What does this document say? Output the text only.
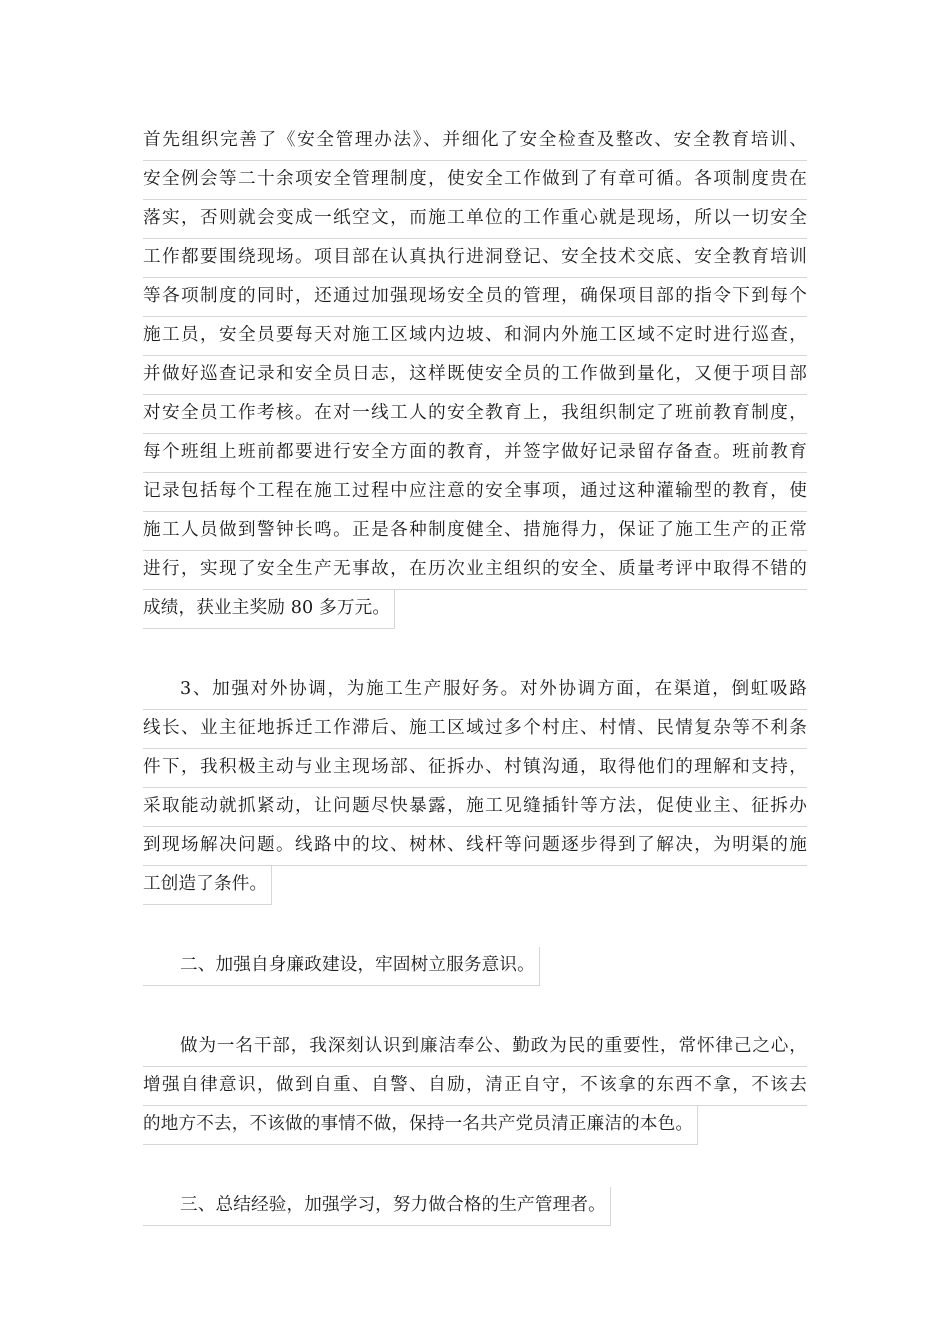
首先组织完善了《安全管理办法》、并细化了安全检查及整改、安全教育培训、
安全例会等二十余项安全管理制度，使安全工作做到了有章可循。各项制度贵在
落实，否则就会变成一纸空文，而施工单位的工作重心就是现场，所以一切安全
工作都要围绕现场。项目部在认真执行进洞登记、安全技术交底、安全教育培训
等各项制度的同时，还通过加强现场安全员的管理，确保项目部的指令下到每个
施工员，安全员要每天对施工区域内边坡、和洞内外施工区域不定时进行巡查，
并做好巡查记录和安全员日志，这样既使安全员的工作做到量化，又便于项目部
对安全员工作考核。在对一线工人的安全教育上，我组织制定了班前教育制度，
每个班组上班前都要进行安全方面的教育，并签字做好记录留存备查。班前教育
记录包括每个工程在施工过程中应注意的安全事项，通过这种灌输型的教育，使
施工人员做到警钟长鸣。正是各种制度健全、措施得力，保证了施工生产的正常
进行，实现了安全生产无事故，在历次业主组织的安全、质量考评中取得不错的
成绩，获业主奖励 80 多万元。
3、加强对外协调，为施工生产服好务。对外协调方面，在渠道，倒虹吸路
线长、业主征地拆迁工作滞后、施工区域过多个村庄、村情、民情复杂等不利条
件下，我积极主动与业主现场部、征拆办、村镇沟通，取得他们的理解和支持，
采取能动就抓紧动，让问题尽快暴露，施工见缝插针等方法，促使业主、征拆办
到现场解决问题。线路中的坟、树林、线杆等问题逐步得到了解决，为明渠的施
工创造了条件。
二、加强自身廉政建设，牢固树立服务意识。
做为一名干部，我深刻认识到廉洁奉公、勤政为民的重要性，常怀律己之心，
增强自律意识，做到自重、自警、自励，清正自守，不该拿的东西不拿，不该去
的地方不去，不该做的事情不做，保持一名共产党员清正廉洁的本色。
三、总结经验，加强学习，努力做合格的生产管理者。
